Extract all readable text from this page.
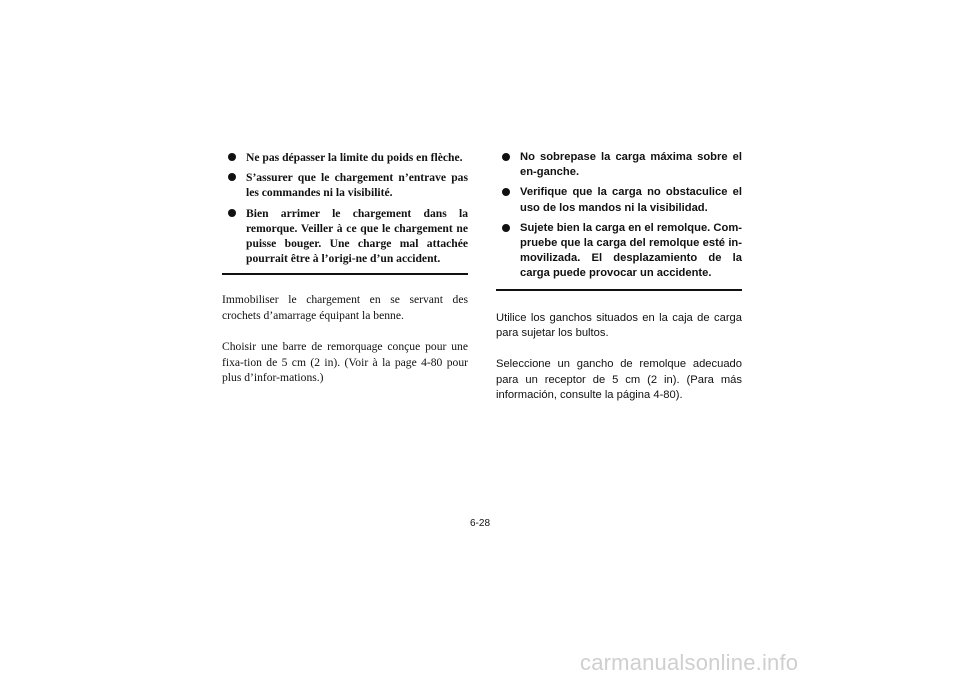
Ne pas dépasser la limite du poids en flèche.
S’assurer que le chargement n’entrave pas les commandes ni la visibilité.
Bien arrimer le chargement dans la remorque. Veiller à ce que le chargement ne puisse bouger. Une charge mal attachée pourrait être à l’origi-ne d’un accident.

Immobiliser le chargement en se servant des crochets d’amarrage équipant la benne.

Choisir une barre de remorquage conçue pour une fixa-tion de 5 cm (2 in). (Voir à la page 4-80 pour plus d’infor-mations.)

No sobrepase la carga máxima sobre el en-ganche.
Verifique que la carga no obstaculice el uso de los mandos ni la visibilidad.
Sujete bien la carga en el remolque. Com-pruebe que la carga del remolque esté in-movilizada. El desplazamiento de la carga puede provocar un accidente.

Utilice los ganchos situados en la caja de carga para sujetar los bultos.

Seleccione un gancho de remolque adecuado para un receptor de 5 cm (2 in). (Para más información, consulte la página 4-80).

6-28
carmanualsonline.info
